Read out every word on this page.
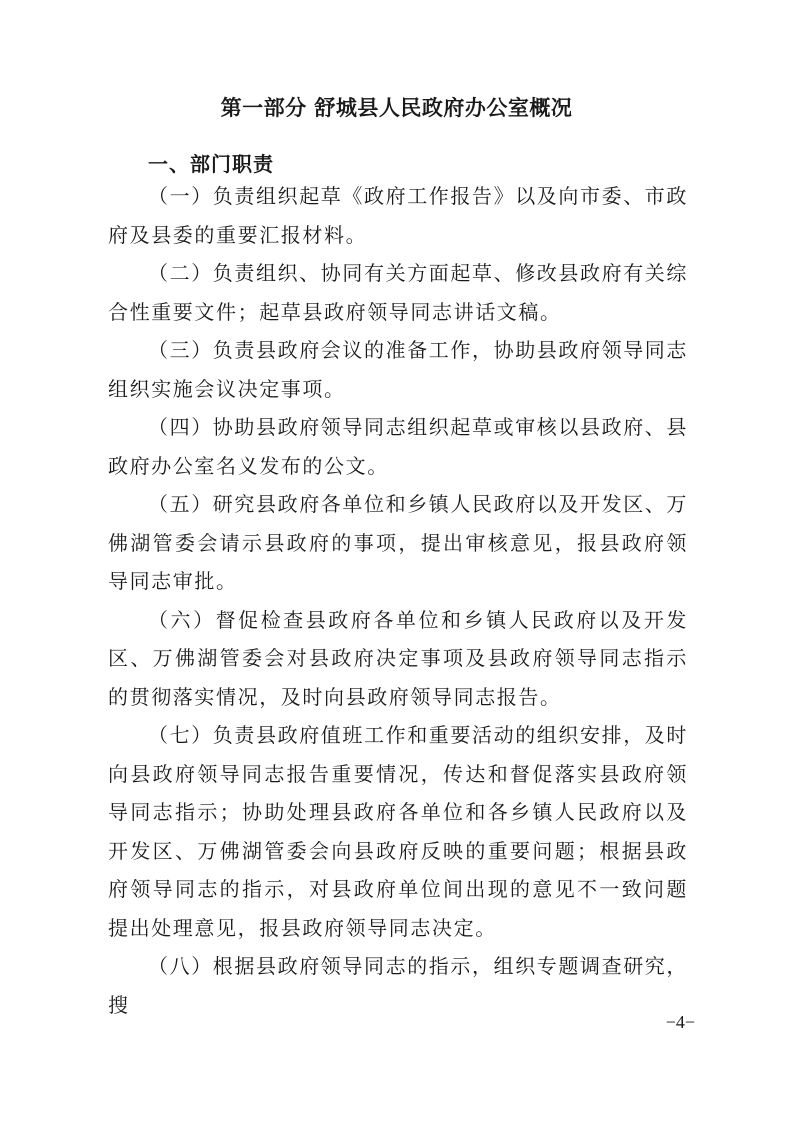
第一部分 舒城县人民政府办公室概况
一、部门职责

（一）负责组织起草《政府工作报告》以及向市委、市政府及县委的重要汇报材料。

（二）负责组织、协同有关方面起草、修改县政府有关综合性重要文件；起草县政府领导同志讲话文稿。

（三）负责县政府会议的准备工作，协助县政府领导同志组织实施会议决定事项。

（四）协助县政府领导同志组织起草或审核以县政府、县政府办公室名义发布的公文。

（五）研究县政府各单位和乡镇人民政府以及开发区、万佛湖管委会请示县政府的事项，提出审核意见，报县政府领导同志审批。

（六）督促检查县政府各单位和乡镇人民政府以及开发区、万佛湖管委会对县政府决定事项及县政府领导同志指示的贯彻落实情况，及时向县政府领导同志报告。

（七）负责县政府值班工作和重要活动的组织安排，及时向县政府领导同志报告重要情况，传达和督促落实县政府领导同志指示；协助处理县政府各单位和各乡镇人民政府以及开发区、万佛湖管委会向县政府反映的重要问题；根据县政府领导同志的指示，对县政府单位间出现的意见不一致问题提出处理意见，报县政府领导同志决定。

（八）根据县政府领导同志的指示，组织专题调查研究，搜

−4−
